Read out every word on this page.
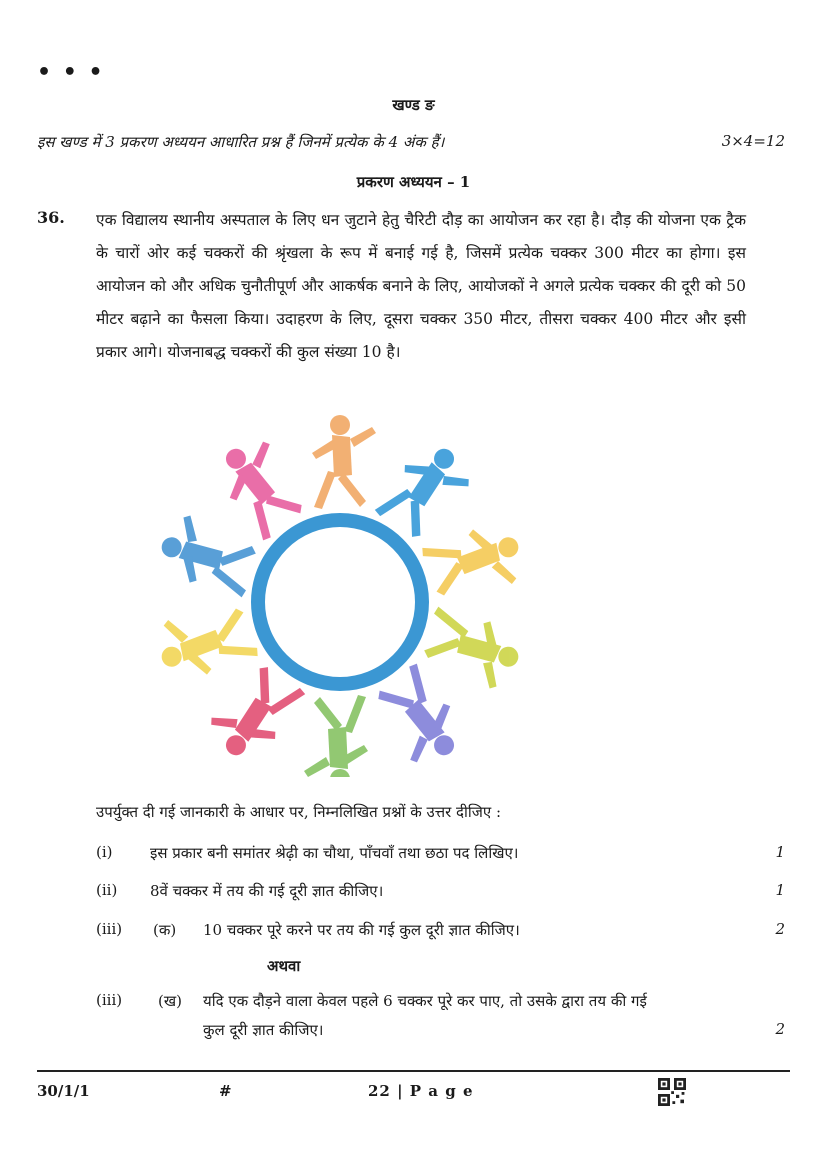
• • •
खण्ड ङ
इस खण्ड में 3 प्रकरण अध्ययन आधारित प्रश्न हैं जिनमें प्रत्येक के 4 अंक हैं।	3×4=12
प्रकरण अध्ययन – 1
36. एक विद्यालय स्थानीय अस्पताल के लिए धन जुटाने हेतु चैरिटी दौड़ का आयोजन कर रहा है। दौड़ की योजना एक ट्रैक के चारों ओर कई चक्करों की श्रृंखला के रूप में बनाई गई है, जिसमें प्रत्येक चक्कर 300 मीटर का होगा। इस आयोजन को और अधिक चुनौतीपूर्ण और आकर्षक बनाने के लिए, आयोजकों ने अगले प्रत्येक चक्कर की दूरी को 50 मीटर बढ़ाने का फैसला किया। उदाहरण के लिए, दूसरा चक्कर 350 मीटर, तीसरा चक्कर 400 मीटर और इसी प्रकार आगे। योजनाबद्ध चक्करों की कुल संख्या 10 है।
उपर्युक्त दी गई जानकारी के आधार पर, निम्नलिखित प्रश्नों के उत्तर दीजिए :
(i) इस प्रकार बनी समांतर श्रेढ़ी का चौथा, पाँचवाँ तथा छठा पद लिखिए।	1
(ii) 8वें चक्कर में तय की गई दूरी ज्ञात कीजिए।	1
(iii) (क) 10 चक्कर पूरे करने पर तय की गई कुल दूरी ज्ञात कीजिए।	2
अथवा
(iii) (ख) यदि एक दौड़ने वाला केवल पहले 6 चक्कर पूरे कर पाए, तो उसके द्वारा तय की गई
कुल दूरी ज्ञात कीजिए।	2
30/1/1	#	22 | P a g e
